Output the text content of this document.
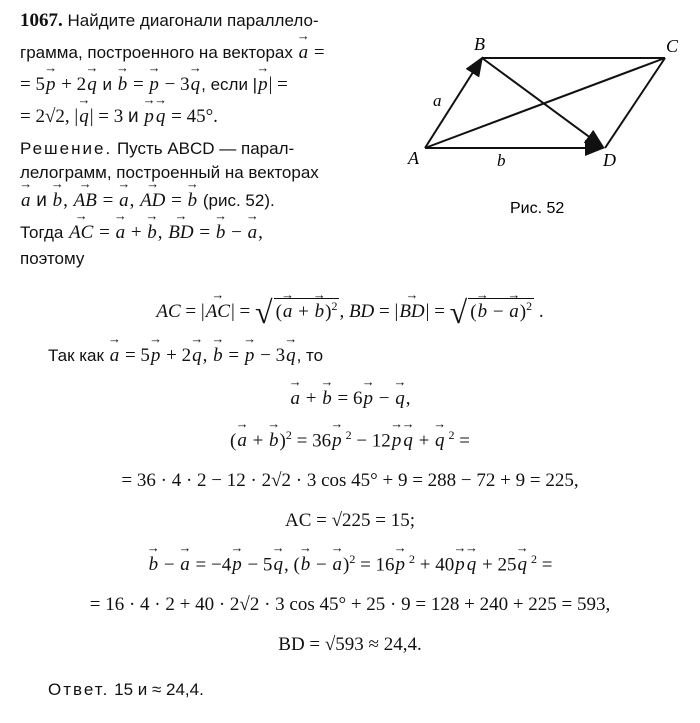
1067. Найдите диагонали параллело-
грамма, построенного на векторах → a =
= 5→ p + 2→ q и → b = → p − 3→ q, если |→ p| =
= 2√2, |→ q| = 3 и → p → q = 45°.
Решение. Пусть ABCD — парал-
лелограмм, построенный на векторах
→ a и → b, → AB = → a, → AD = → b (рис. 52).
Тогда → AC = → a + → b, → BD = → b − → a,
поэтому
A
B	C
D
a
b
Рис. 52
AC = |→ AC| = √ (→ a + → b)$^2$ , BD = |→ BD| = √ (→ b − → a)$^2$ .
Так как → a = 5→ p + 2→ q, → b = → p − 3→ q, то
→ a + → b = 6→ p − → q,
(→ a + → b)$^2$ = 36→ p $^2$ − 12→ p → q + → q $^2$ =
= 36 · 4 · 2 − 12 · 2√2 · 3 cos 45° + 9 = 288 − 72 + 9 = 225,
AC = √225 = 15;
→ b − → a = −4→ p − 5→ q, (→ b − → a)$^2$ = 16→ p $^2$ + 40→ p → q + 25→ q $^2$ =
= 16 · 4 · 2 + 40 · 2√2 · 3 cos 45° + 25 · 9 = 128 + 240 + 225 = 593,
BD = √593 ≈ 24,4.
Ответ. 15 и ≈ 24,4.
